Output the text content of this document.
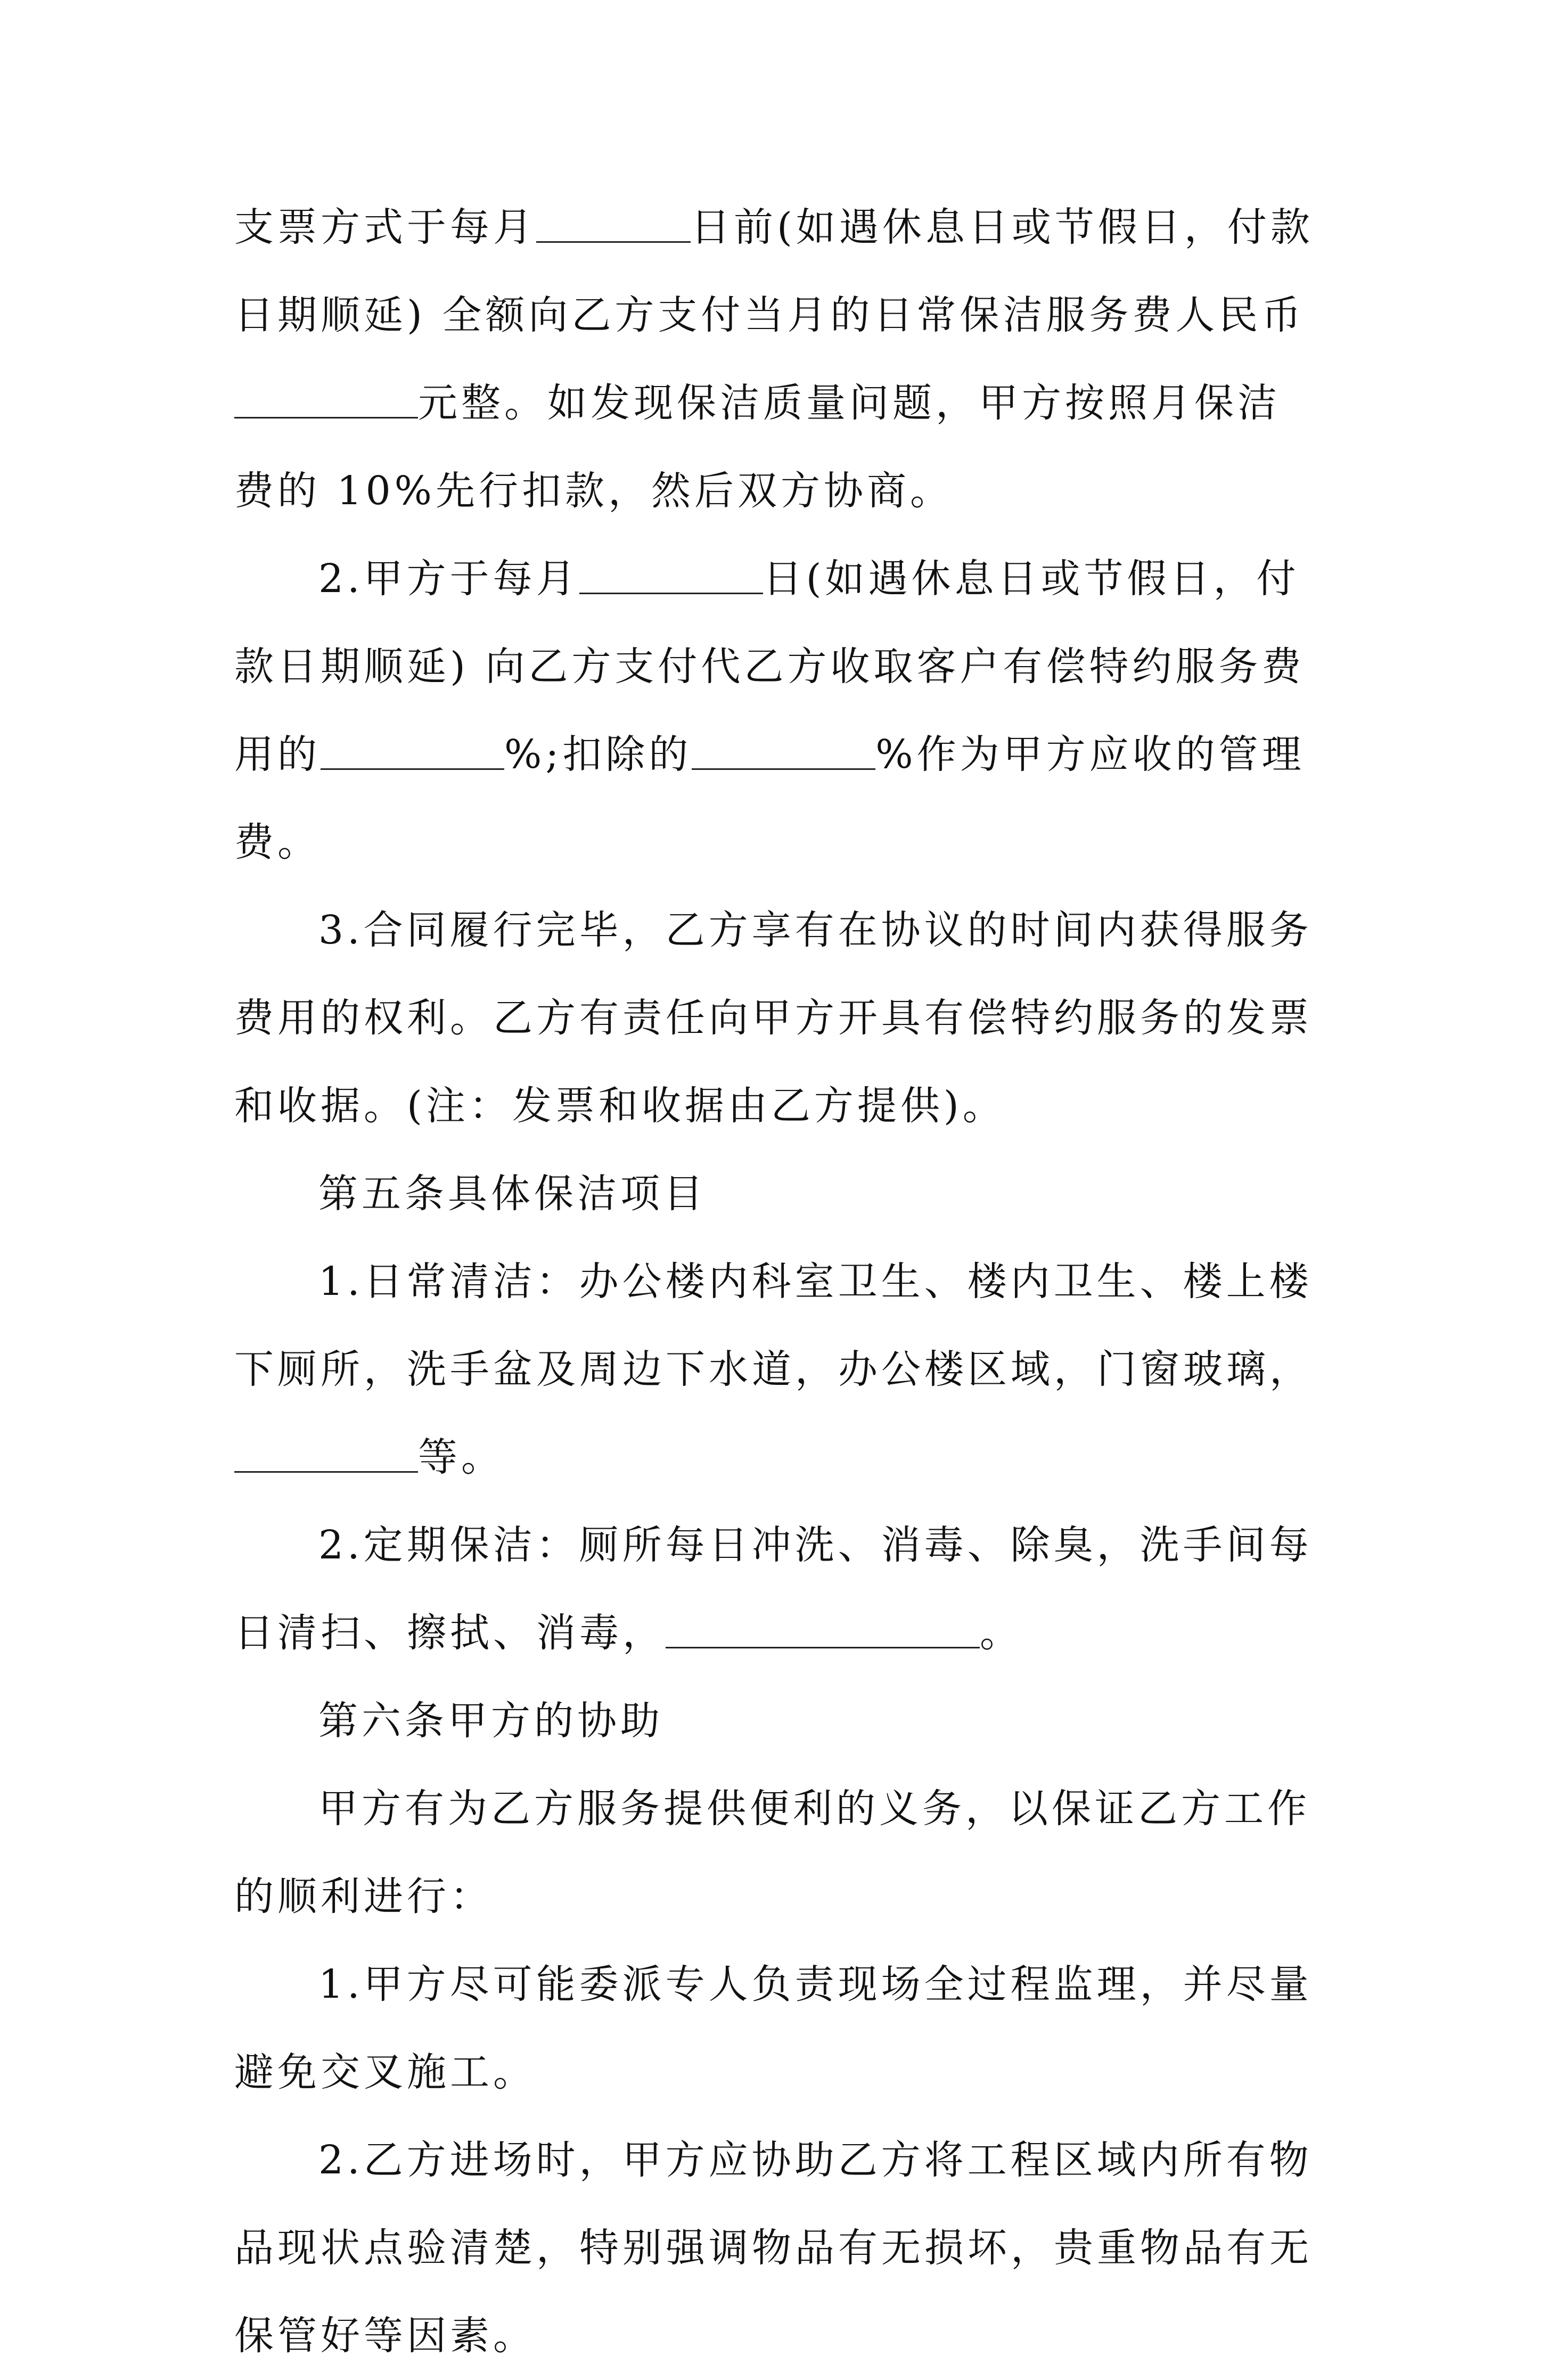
支票方式于每月	日前(如遇休息日或节假日，付款日期顺延) 全额向乙方支付当月的日常保洁服务费人民币元整。如发现保洁质量问题，甲方按照月保洁费的 10%先行扣款，然后双方协商。

2.甲方于每月	日(如遇休息日或节假日，付款日期顺延) 向乙方支付代乙方收取客户有偿特约服务费用的	%;扣除的	%作为甲方应收的管理费。

3.合同履行完毕，乙方享有在协议的时间内获得服务费用的权利。乙方有责任向甲方开具有偿特约服务的发票和收据。(注：发票和收据由乙方提供)。

第五条具体保洁项目

1.日常清洁：办公楼内科室卫生、楼内卫生、楼上楼下厕所，洗手盆及周边下水道，办公楼区域，门窗玻璃，等。

2.定期保洁：厕所每日冲洗、消毒、除臭，洗手间每日清扫、擦拭、消毒，	。

第六条甲方的协助

甲方有为乙方服务提供便利的义务，以保证乙方工作的顺利进行：

1.甲方尽可能委派专人负责现场全过程监理，并尽量避免交叉施工。

2.乙方进场时，甲方应协助乙方将工程区域内所有物品现状点验清楚，特别强调物品有无损坏，贵重物品有无保管好等因素。
